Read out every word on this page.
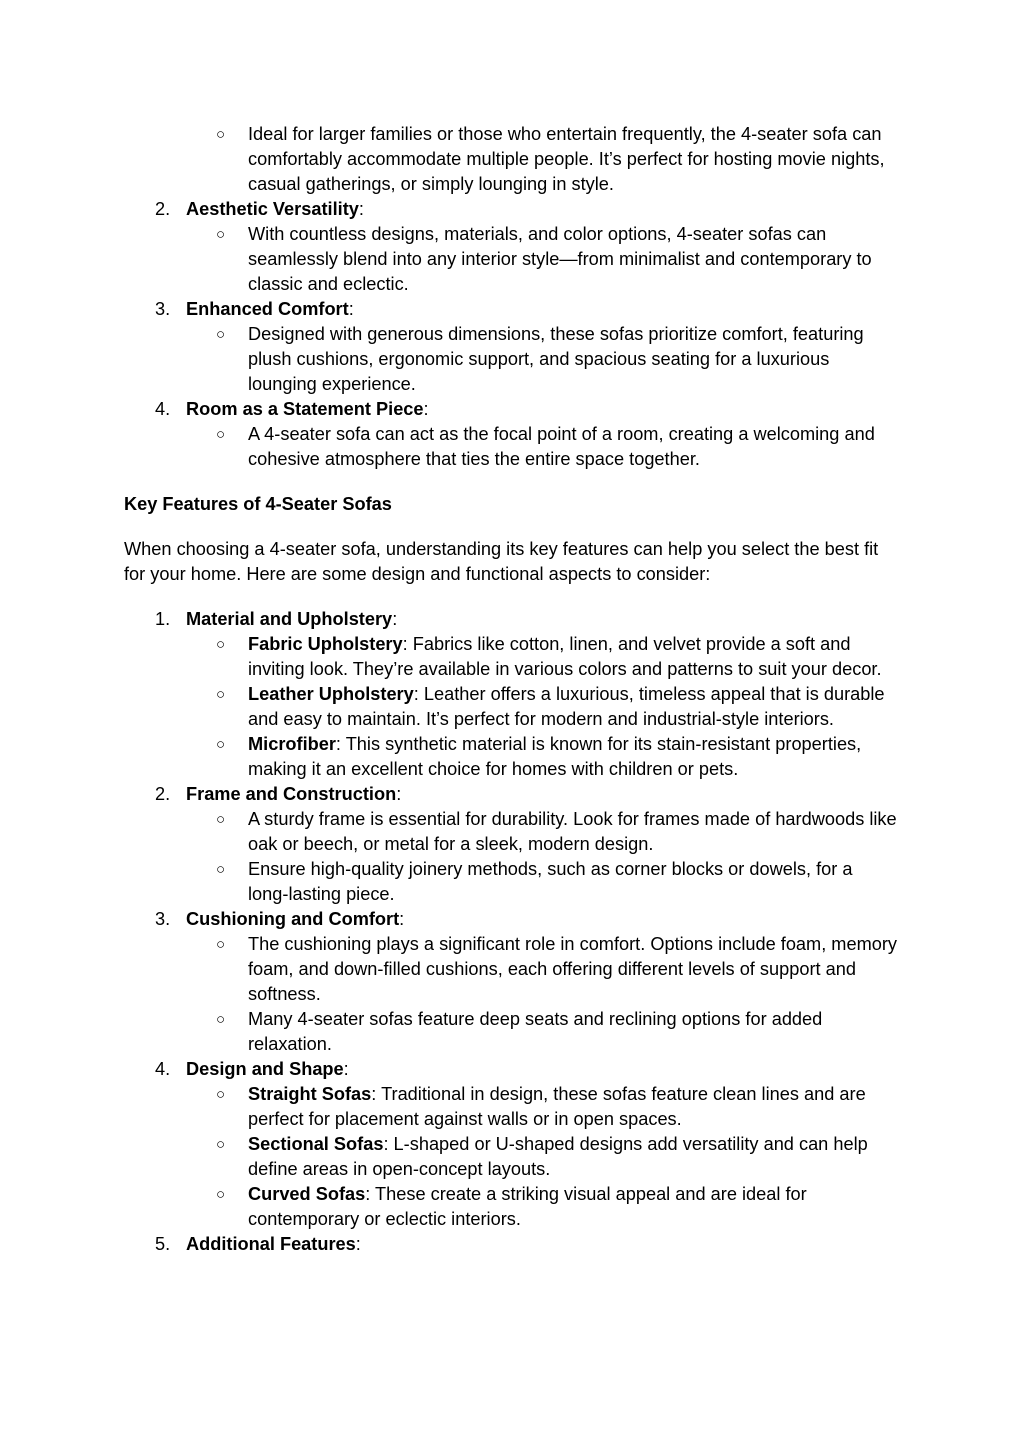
○ Ideal for larger families or those who entertain frequently, the 4-seater sofa can comfortably accommodate multiple people. It’s perfect for hosting movie nights, casual gatherings, or simply lounging in style.
2. Aesthetic Versatility:
○ With countless designs, materials, and color options, 4-seater sofas can seamlessly blend into any interior style—from minimalist and contemporary to classic and eclectic.
3. Enhanced Comfort:
○ Designed with generous dimensions, these sofas prioritize comfort, featuring plush cushions, ergonomic support, and spacious seating for a luxurious lounging experience.
4. Room as a Statement Piece:
○ A 4-seater sofa can act as the focal point of a room, creating a welcoming and cohesive atmosphere that ties the entire space together.
Key Features of 4-Seater Sofas
When choosing a 4-seater sofa, understanding its key features can help you select the best fit for your home. Here are some design and functional aspects to consider:
1. Material and Upholstery:
○ Fabric Upholstery: Fabrics like cotton, linen, and velvet provide a soft and inviting look. They’re available in various colors and patterns to suit your decor.
○ Leather Upholstery: Leather offers a luxurious, timeless appeal that is durable and easy to maintain. It’s perfect for modern and industrial-style interiors.
○ Microfiber: This synthetic material is known for its stain-resistant properties, making it an excellent choice for homes with children or pets.
2. Frame and Construction:
○ A sturdy frame is essential for durability. Look for frames made of hardwoods like oak or beech, or metal for a sleek, modern design.
○ Ensure high-quality joinery methods, such as corner blocks or dowels, for a long-lasting piece.
3. Cushioning and Comfort:
○ The cushioning plays a significant role in comfort. Options include foam, memory foam, and down-filled cushions, each offering different levels of support and softness.
○ Many 4-seater sofas feature deep seats and reclining options for added relaxation.
4. Design and Shape:
○ Straight Sofas: Traditional in design, these sofas feature clean lines and are perfect for placement against walls or in open spaces.
○ Sectional Sofas: L-shaped or U-shaped designs add versatility and can help define areas in open-concept layouts.
○ Curved Sofas: These create a striking visual appeal and are ideal for contemporary or eclectic interiors.
5. Additional Features:
